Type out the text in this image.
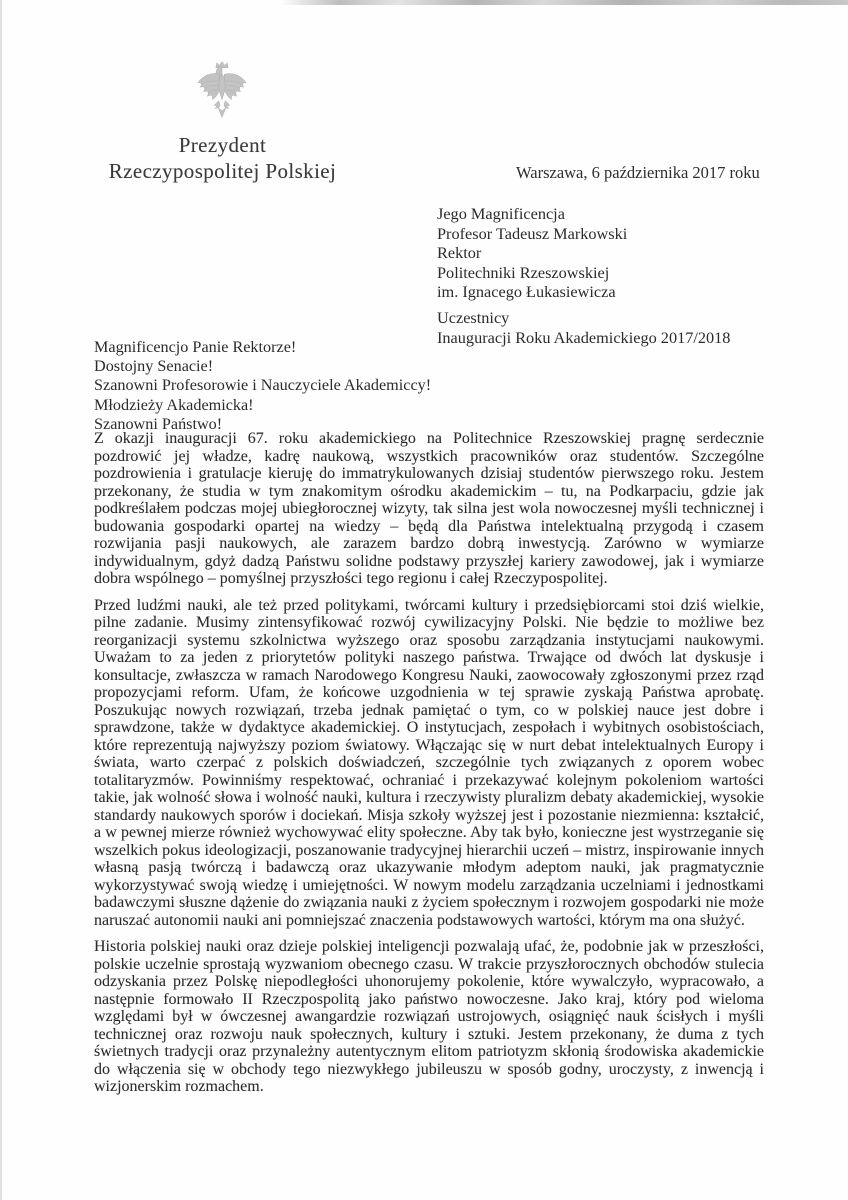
Prezydent
Rzeczypospolitej Polskiej	Warszawa, 6 października 2017 roku
Jego Magnificencja
Profesor Tadeusz Markowski
Rektor
Politechniki Rzeszowskiej
im. Ignacego Łukasiewicza
Uczestnicy
Inauguracji Roku Akademickiego 2017/2018
Magnificencjo Panie Rektorze!
Dostojny Senacie!
Szanowni Profesorowie i Nauczyciele Akademiccy!
Młodzieży Akademicka!
Szanowni Państwo!

Z okazji inauguracji 67. roku akademickiego na Politechnice Rzeszowskiej pragnę serdecznie pozdrowić jej władze, kadrę naukową, wszystkich pracowników oraz studentów. Szczególne pozdrowienia i gratulacje kieruję do immatrykulowanych dzisiaj studentów pierwszego roku. Jestem przekonany, że studia w tym znakomitym ośrodku akademickim – tu, na Podkarpaciu, gdzie jak podkreślałem podczas mojej ubiegłorocznej wizyty, tak silna jest wola nowoczesnej myśli technicznej i budowania gospodarki opartej na wiedzy – będą dla Państwa intelektualną przygodą i czasem rozwijania pasji naukowych, ale zarazem bardzo dobrą inwestycją. Zarówno w wymiarze indywidualnym, gdyż dadzą Państwu solidne podstawy przyszłej kariery zawodowej, jak i wymiarze dobra wspólnego – pomyślnej przyszłości tego regionu i całej Rzeczypospolitej.

Przed ludźmi nauki, ale też przed politykami, twórcami kultury i przedsiębiorcami stoi dziś wielkie, pilne zadanie. Musimy zintensyfikować rozwój cywilizacyjny Polski. Nie będzie to możliwe bez reorganizacji systemu szkolnictwa wyższego oraz sposobu zarządzania instytucjami naukowymi. Uważam to za jeden z priorytetów polityki naszego państwa. Trwające od dwóch lat dyskusje i konsultacje, zwłaszcza w ramach Narodowego Kongresu Nauki, zaowocowały zgłoszonymi przez rząd propozycjami reform. Ufam, że końcowe uzgodnienia w tej sprawie zyskają Państwa aprobatę. Poszukując nowych rozwiązań, trzeba jednak pamiętać o tym, co w polskiej nauce jest dobre i sprawdzone, także w dydaktyce akademickiej. O instytucjach, zespołach i wybitnych osobistościach, które reprezentują najwyższy poziom światowy. Włączając się w nurt debat intelektualnych Europy i świata, warto czerpać z polskich doświadczeń, szczególnie tych związanych z oporem wobec totalitaryzmów. Powinniśmy respektować, ochraniać i przekazywać kolejnym pokoleniom wartości takie, jak wolność słowa i wolność nauki, kultura i rzeczywisty pluralizm debaty akademickiej, wysokie standardy naukowych sporów i dociekań. Misja szkoły wyższej jest i pozostanie niezmienna: kształcić, a w pewnej mierze również wychowywać elity społeczne. Aby tak było, konieczne jest wystrzeganie się wszelkich pokus ideologizacji, poszanowanie tradycyjnej hierarchii uczeń – mistrz, inspirowanie innych własną pasją twórczą i badawczą oraz ukazywanie młodym adeptom nauki, jak pragmatycznie wykorzystywać swoją wiedzę i umiejętności. W nowym modelu zarządzania uczelniami i jednostkami badawczymi słuszne dążenie do związania nauki z życiem społecznym i rozwojem gospodarki nie może naruszać autonomii nauki ani pomniejszać znaczenia podstawowych wartości, którym ma ona służyć.

Historia polskiej nauki oraz dzieje polskiej inteligencji pozwalają ufać, że, podobnie jak w przeszłości, polskie uczelnie sprostają wyzwaniom obecnego czasu. W trakcie przyszłorocznych obchodów stulecia odzyskania przez Polskę niepodległości uhonorujemy pokolenie, które wywalczyło, wypracowało, a następnie formowało II Rzeczpospolitą jako państwo nowoczesne. Jako kraj, który pod wieloma względami był w ówczesnej awangardzie rozwiązań ustrojowych, osiągnięć nauk ścisłych i myśli technicznej oraz rozwoju nauk społecznych, kultury i sztuki. Jestem przekonany, że duma z tych świetnych tradycji oraz przynależny autentycznym elitom patriotyzm skłonią środowiska akademickie do włączenia się w obchody tego niezwykłego jubileuszu w sposób godny, uroczysty, z inwencją i wizjonerskim rozmachem.
